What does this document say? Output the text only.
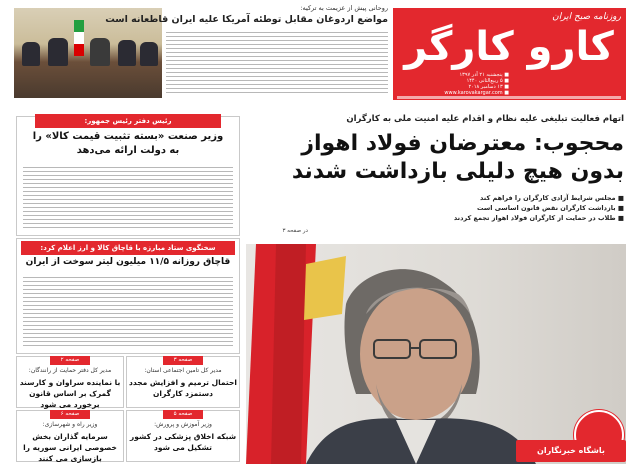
روزنامه صبح ایران
کارو کارگر
■ پنجشنبه ۲۱ آذر ۱۳۹۷
■ ۵ ربیع‌الثانی ۱۴۴۰
■ ۱۳ دسامبر ۲۰۱۸
■ www.karovakargar.com
روحانی پیش از عزیمت به ترکیه:
مواضع اردوغان مقابل توطئه آمریکا علیه ایران قاطعانه است
اتهام فعالیت تبلیغی علیه نظام و اقدام علیه امنیت ملی به کارگران
محجوب: معترضان فولاد اهواز
بدون هیچ دلیلی بازداشت شدند
■ مجلس شرایط آزادی کارگران را فراهم کند
■ بازداشت کارگران نقض قانون اساسی است
■ طلاب در حمایت از کارگران فولاد اهواز تجمع کردند
در صفحه ۳
باشگاه خبرنگاران
رئیس دفتر رئیس جمهور:
وزیر صنعت «بسته تثبیت قیمت کالا» را
به دولت ارائه می‌دهد
سخنگوی ستاد مبارزه با قاچاق کالا و ارز اعلام کرد:
قاچاق روزانه ۱۱/۵ میلیون لیتر سوخت از ایران
صفحه ۳
مدیر کل تامین اجتماعی استان:
احتمال ترمیم و افزایش مجدد دستمزد کارگران
صفحه ۲
مدیر کل دفتر حمایت از رانندگان:
با نماینده سراوان و کارسند گمرک بر اساس قانون برخورد می شود
صفحه ۵
وزیر آموزش و پرورش:
شبکه اخلاق پزشکی در کشور تشکیل می شود
صفحه ۶
وزیر راه و شهرسازی:
سرمایه گذاران بخش خصوصی ایرانی سوریه را بازسازی می کنند
